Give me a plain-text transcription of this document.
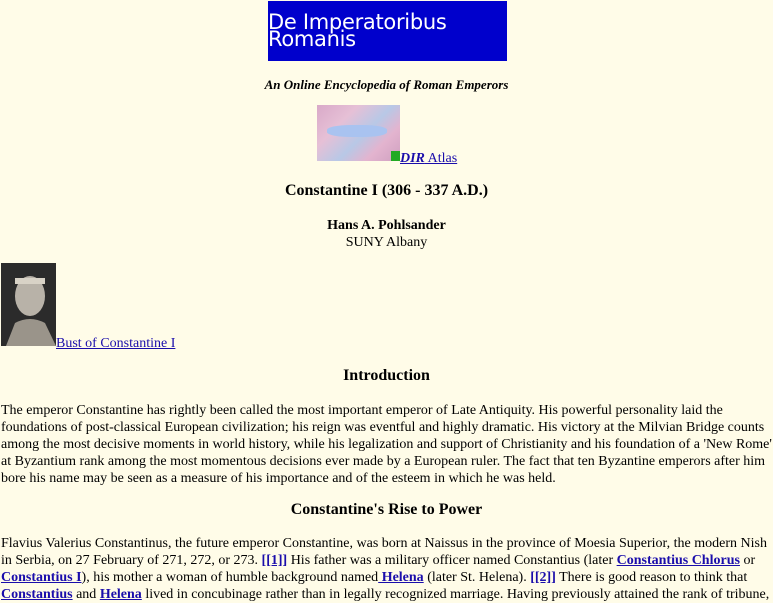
De Imperatoribus Romanis
An Online Encyclopedia of Roman Emperors
DIR Atlas
Constantine I (306 - 337 A.D.)
Hans A. Pohlsander
SUNY Albany
Bust of Constantine I
Introduction

The emperor Constantine has rightly been called the most important emperor of Late Antiquity. His powerful personality laid the foundations of post-classical European civilization; his reign was eventful and highly dramatic. His victory at the Milvian Bridge counts among the most decisive moments in world history, while his legalization and support of Christianity and his foundation of a 'New Rome' at Byzantium rank among the most momentous decisions ever made by a European ruler. The fact that ten Byzantine emperors after him bore his name may be seen as a measure of his importance and of the esteem in which he was held.

Constantine's Rise to Power

Flavius Valerius Constantinus, the future emperor Constantine, was born at Naissus in the province of Moesia Superior, the modern Nish in Serbia, on 27 February of 271, 272, or 273. [[1]] His father was a military officer named Constantius (later Constantius Chlorus or Constantius I), his mother a woman of humble background named Helena (later St. Helena). [[2]] There is good reason to think that Constantius and Helena lived in concubinage rather than in legally recognized marriage. Having previously attained the rank of tribune,
